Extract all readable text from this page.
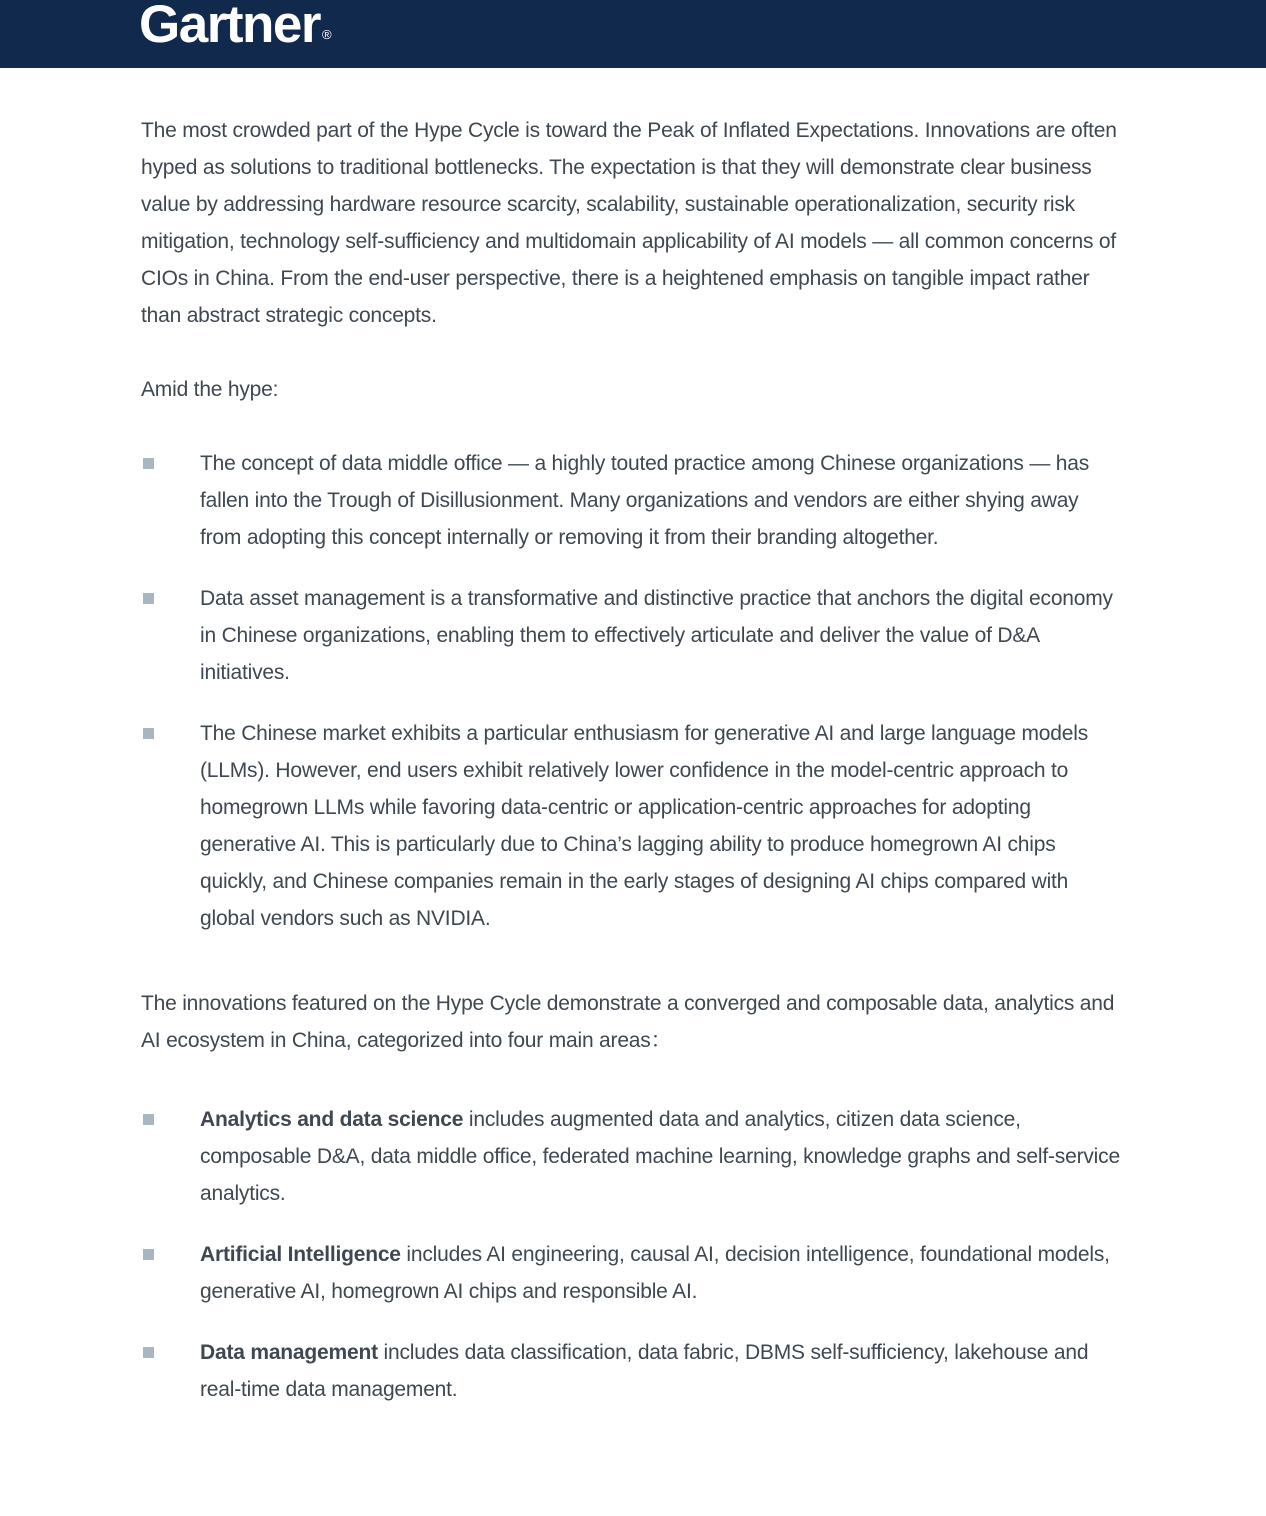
Gartner ®

The most crowded part of the Hype Cycle is toward the Peak of Inflated Expectations. Innovations are often hyped as solutions to traditional bottlenecks. The expectation is that they will demonstrate clear business value by addressing hardware resource scarcity, scalability, sustainable operationalization, security risk mitigation, technology self-sufficiency and multidomain applicability of AI models — all common concerns of CIOs in China. From the end-user perspective, there is a heightened emphasis on tangible impact rather than abstract strategic concepts.

Amid the hype:

The concept of data middle office — a highly touted practice among Chinese organizations — has fallen into the Trough of Disillusionment. Many organizations and vendors are either shying away from adopting this concept internally or removing it from their branding altogether.
Data asset management is a transformative and distinctive practice that anchors the digital economy in Chinese organizations, enabling them to effectively articulate and deliver the value of D&A initiatives.
The Chinese market exhibits a particular enthusiasm for generative AI and large language models (LLMs). However, end users exhibit relatively lower confidence in the model-centric approach to homegrown LLMs while favoring data-centric or application-centric approaches for adopting generative AI. This is particularly due to China’s lagging ability to produce homegrown AI chips quickly, and Chinese companies remain in the early stages of designing AI chips compared with global vendors such as NVIDIA.

The innovations featured on the Hype Cycle demonstrate a converged and composable data, analytics and AI ecosystem in China, categorized into four main areas：

Analytics and data science includes augmented data and analytics, citizen data science, composable D&A, data middle office, federated machine learning, knowledge graphs and self-service analytics.
Artificial Intelligence includes AI engineering, causal AI, decision intelligence, foundational models, generative AI, homegrown AI chips and responsible AI.
Data management includes data classification, data fabric, DBMS self-sufficiency, lakehouse and real-time data management.
